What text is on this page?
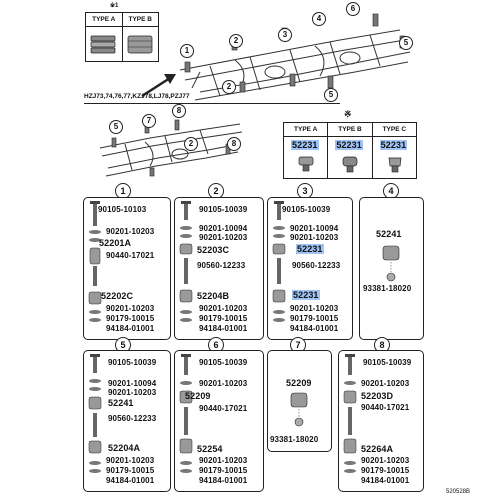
※1
TYPE A	TYPE B
1
2
3
4
6
5
5
2
HZJ73,74,76,77,KZJ78,LJ78,PZJ77
5
7
8
2	8
※
TYPE A	TYPE B	TYPE C
52231 52231 52231
1	2	3	4
90105-10103
90201-10203
90440-17021
52201A
52202C
90201-10203
90179-10015
94184-01001
90105-10039
90201-10094
90201-10203
52203C
90560-12233
52204B
90201-10203
90179-10015
94184-01001
90105-10039
90201-10094
90201-10203
52231
90560-12233
52231
90201-10203
90179-10015
94184-01001
52241
93381-18020
5	6	7	8
90105-10039
90201-10094
90201-10203
52241
90560-12233
52204A
90201-10203
90179-10015
94184-01001
90105-10039
90201-10203
52209
90440-17021
52254
90201-10203
90179-10015
94184-01001
52209
93381-18020
90105-10039
90201-10203
52203D
90440-17021
52264A
90201-10203
90179-10015
94184-01001
520528B
